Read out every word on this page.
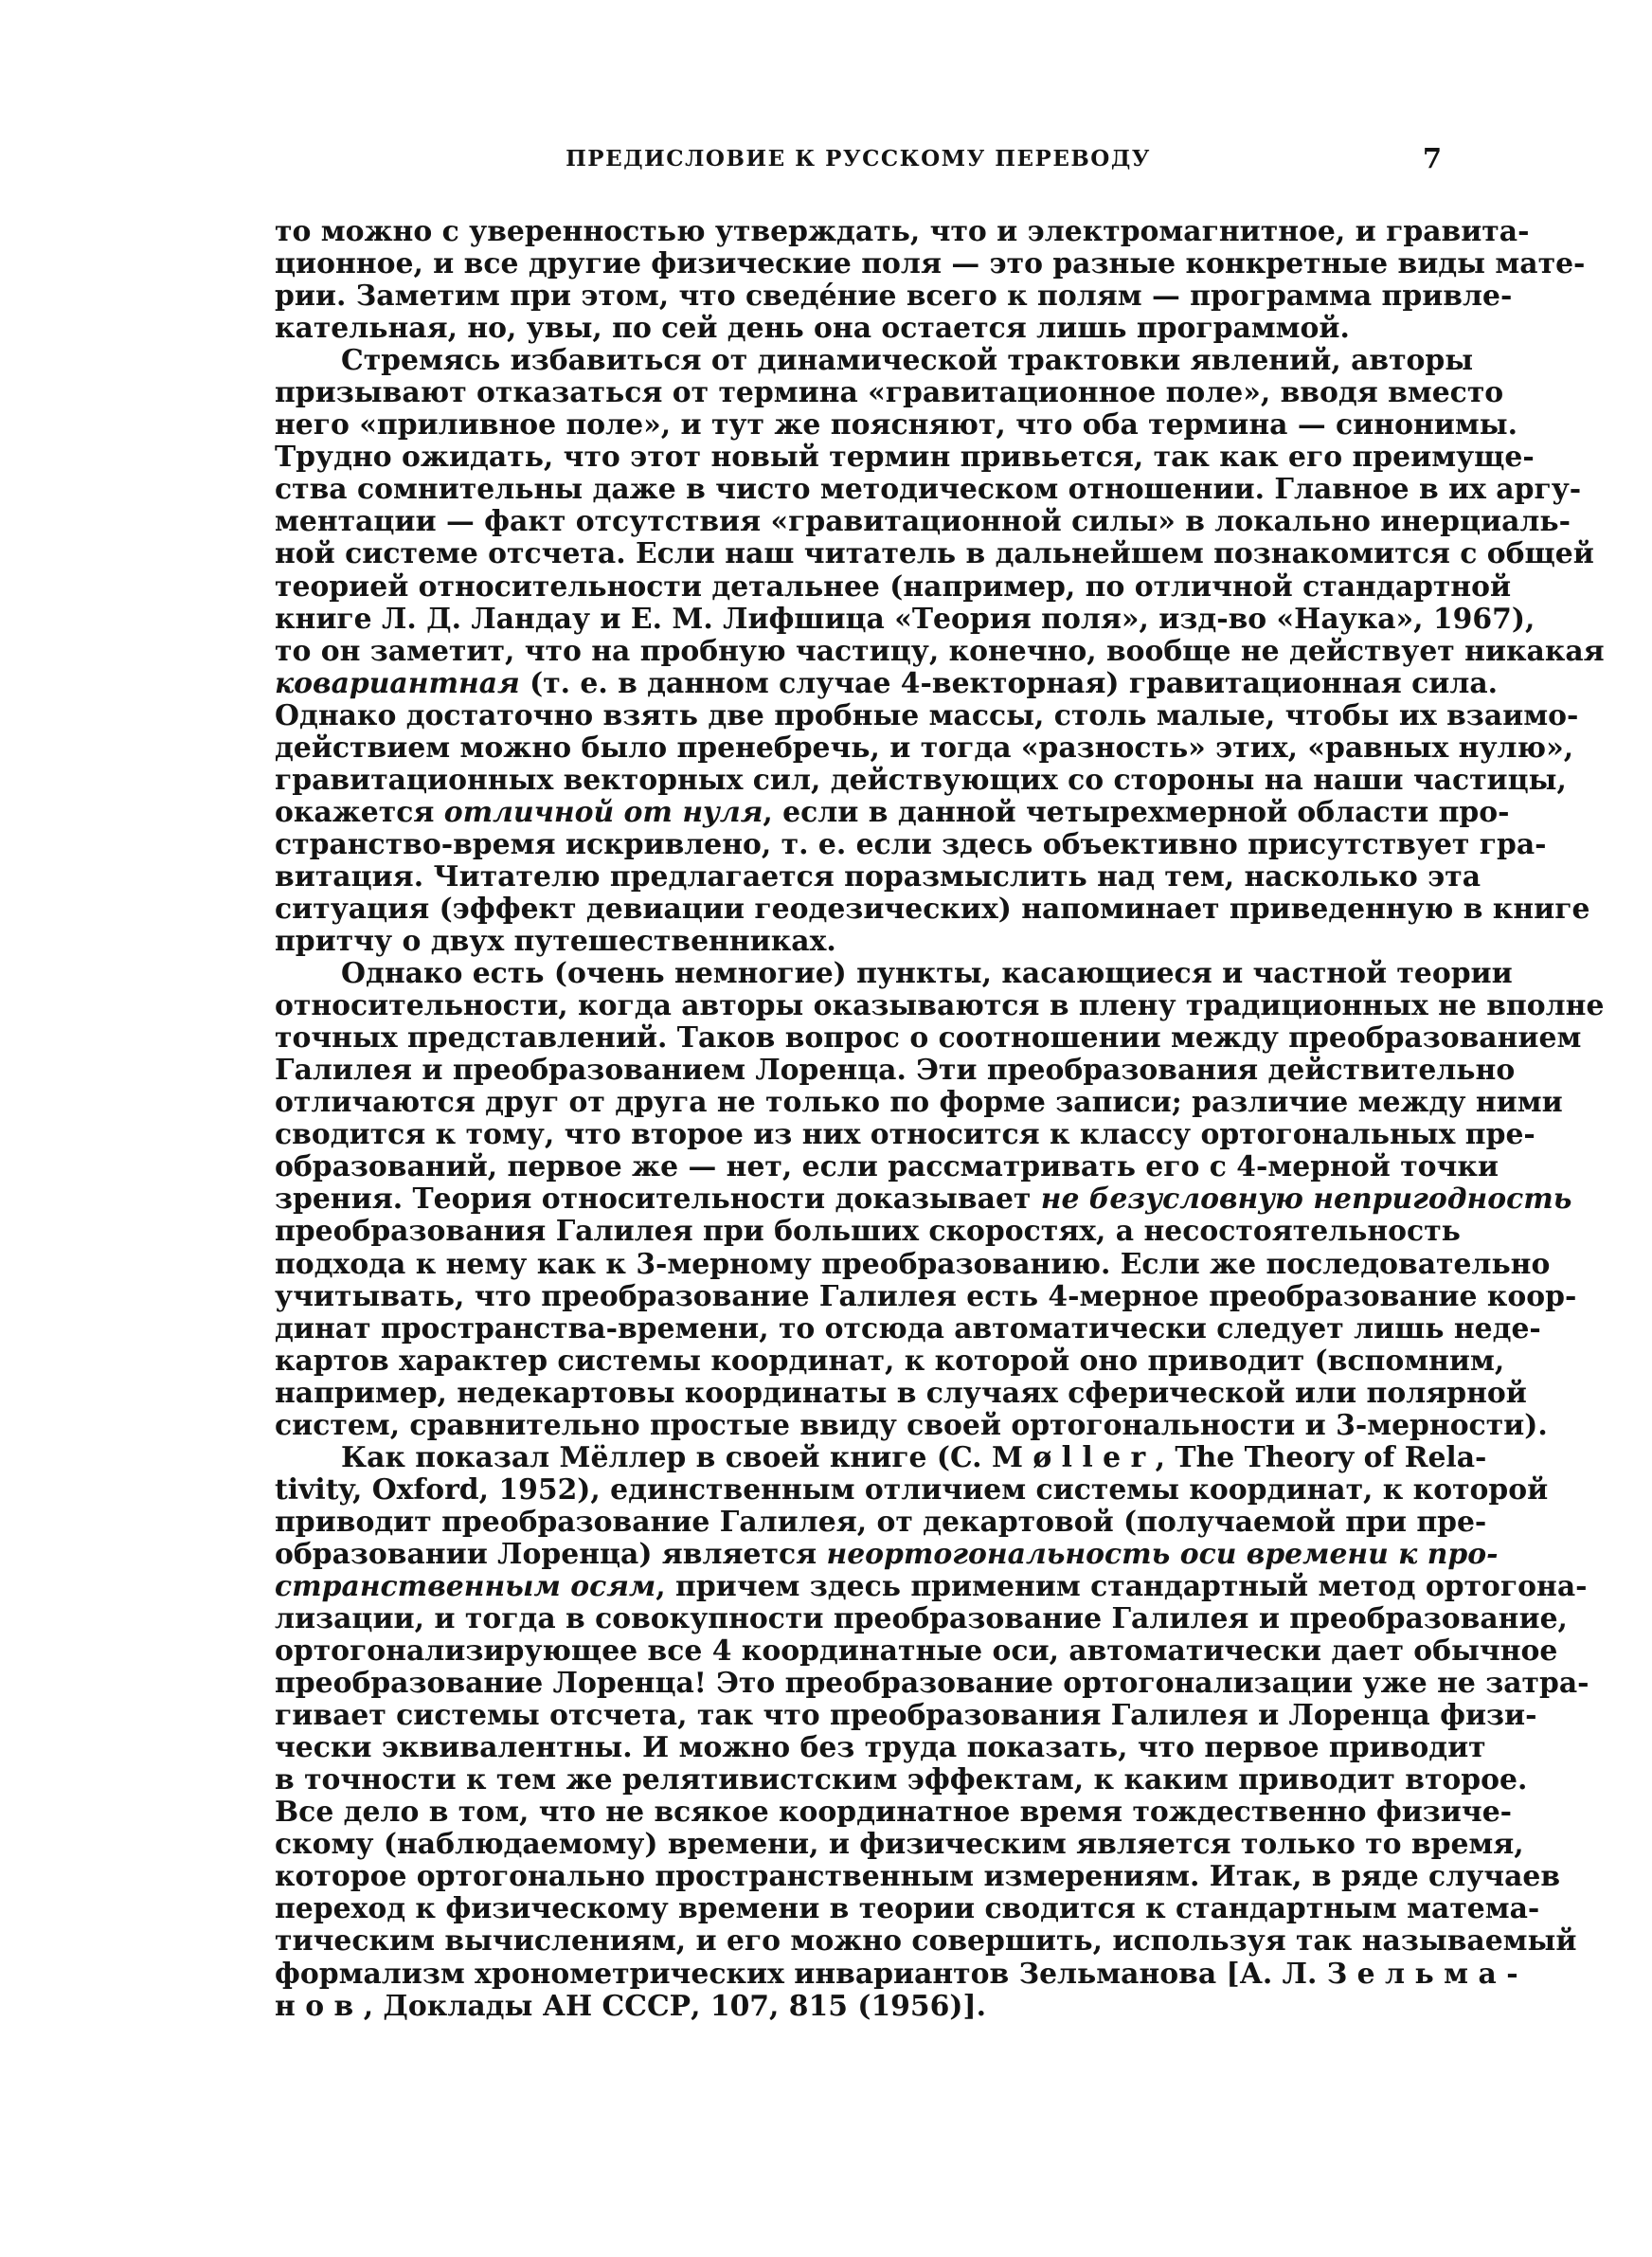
ПРЕДИСЛОВИЕ К РУССКОМУ ПЕРЕВОДУ	7
то можно с уверенностью утверждать, что и электромагнитное, и гравита-
ционное, и все другие физические поля — это разные конкретные виды мате-
рии. Заметим при этом, что сведéние всего к полям — программа привле-
кательная, но, увы, по сей день она остается лишь программой.
Стремясь избавиться от динамической трактовки явлений, авторы
призывают отказаться от термина «гравитационное поле», вводя вместо
него «приливное поле», и тут же поясняют, что оба термина — синонимы.
Трудно ожидать, что этот новый термин привьется, так как его преимуще-
ства сомнительны даже в чисто методическом отношении. Главное в их аргу-
ментации — факт отсутствия «гравитационной силы» в локально инерциаль-
ной системе отсчета. Если наш читатель в дальнейшем познакомится с общей
теорией относительности детальнее (например, по отличной стандартной
книге Л. Д. Ландау и Е. М. Лифшица «Теория поля», изд-во «Наука», 1967),
то он заметит, что на пробную частицу, конечно, вообще не действует никакая
ковариантная (т. е. в данном случае 4-векторная) гравитационная сила.
Однако достаточно взять две пробные массы, столь малые, чтобы их взаимо-
действием можно было пренебречь, и тогда «разность» этих, «равных нулю»,
гравитационных векторных сил, действующих со стороны на наши частицы,
окажется отличной от нуля, если в данной четырехмерной области про-
странство-время искривлено, т. е. если здесь объективно присутствует гра-
витация. Читателю предлагается поразмыслить над тем, насколько эта
ситуация (эффект девиации геодезических) напоминает приведенную в книге
притчу о двух путешественниках.
Однако есть (очень немногие) пункты, касающиеся и частной теории
относительности, когда авторы оказываются в плену традиционных не вполне
точных представлений. Таков вопрос о соотношении между преобразованием
Галилея и преобразованием Лоренца. Эти преобразования действительно
отличаются друг от друга не только по форме записи; различие между ними
сводится к тому, что второе из них относится к классу ортогональных пре-
образований, первое же — нет, если рассматривать его с 4-мерной точки
зрения. Теория относительности доказывает не безусловную непригодность
преобразования Галилея при больших скоростях, а несостоятельность
подхода к нему как к 3-мерному преобразованию. Если же последовательно
учитывать, что преобразование Галилея есть 4-мерное преобразование коор-
динат пространства-времени, то отсюда автоматически следует лишь неде-
картов характер системы координат, к которой оно приводит (вспомним,
например, недекартовы координаты в случаях сферической или полярной
систем, сравнительно простые ввиду своей ортогональности и 3-мерности).
Как показал Мёллер в своей книге (C. Møller, The Theory of Rela-
tivity, Oxford, 1952), единственным отличием системы координат, к которой
приводит преобразование Галилея, от декартовой (получаемой при пре-
образовании Лоренца) является неортогональность оси времени к про-
странственным осям, причем здесь применим стандартный метод ортогона-
лизации, и тогда в совокупности преобразование Галилея и преобразование,
ортогонализирующее все 4 координатные оси, автоматически дает обычное
преобразование Лоренца! Это преобразование ортогонализации уже не затра-
гивает системы отсчета, так что преобразования Галилея и Лоренца физи-
чески эквивалентны. И можно без труда показать, что первое приводит
в точности к тем же релятивистским эффектам, к каким приводит второе.
Все дело в том, что не всякое координатное время тождественно физиче-
скому (наблюдаемому) времени, и физическим является только то время,
которое ортогонально пространственным измерениям. Итак, в ряде случаев
переход к физическому времени в теории сводится к стандартным матема-
тическим вычислениям, и его можно совершить, используя так называемый
формализм хронометрических инвариантов Зельманова [А. Л. Зельма-
нов, Доклады АН СССР, 107, 815 (1956)].
